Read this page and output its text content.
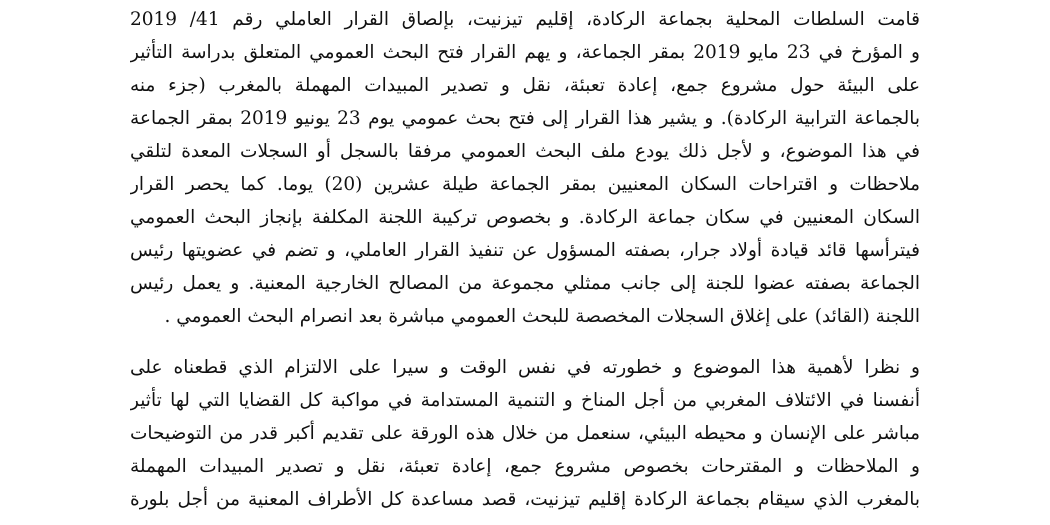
قامت السلطات المحلية بجماعة الركادة، إقليم تيزنيت، بإلصاق القرار العاملي رقم 41/ 2019
و المؤرخ في 23 مايو 2019 بمقر الجماعة، و يهم القرار فتح البحث العمومي المتعلق بدراسة التأثير
على البيئة حول مشروع جمع، إعادة تعبئة، نقل و تصدير المبيدات المهملة بالمغرب (جزء منه
بالجماعة الترابية الركادة). و يشير هذا القرار إلى فتح بحث عمومي يوم 23 يونيو 2019 بمقر الجماعة
في هذا الموضوع، و لأجل ذلك يودع ملف البحث العمومي مرفقا بالسجل أو السجلات المعدة لتلقي
ملاحظات و اقتراحات السكان المعنيين بمقر الجماعة طيلة عشرين (20) يوما. كما يحصر القرار
السكان المعنيين في سكان جماعة الركادة. و بخصوص تركيبة اللجنة المكلفة بإنجاز البحث العمومي
فيترأسها قائد قيادة أولاد جرار، بصفته المسؤول عن تنفيذ القرار العاملي، و تضم في عضويتها رئيس
الجماعة بصفته عضوا للجنة إلى جانب ممثلي مجموعة من المصالح الخارجية المعنية. و يعمل رئيس
اللجنة (القائد) على إغلاق السجلات المخصصة للبحث العمومي مباشرة بعد انصرام البحث العمومي .
و نظرا لأهمية هذا الموضوع و خطورته في نفس الوقت و سيرا على الالتزام الذي قطعناه على
أنفسنا في الائتلاف المغربي من أجل المناخ و التنمية المستدامة في مواكبة كل القضايا التي لها تأثير
مباشر على الإنسان و محيطه البيئي، سنعمل من خلال هذه الورقة على تقديم أكبر قدر من التوضيحات
و الملاحظات و المقترحات بخصوص مشروع جمع، إعادة تعبئة، نقل و تصدير المبيدات المهملة
بالمغرب الذي سيقام بجماعة الركادة إقليم تيزنيت، قصد مساعدة كل الأطراف المعنية من أجل بلورة
